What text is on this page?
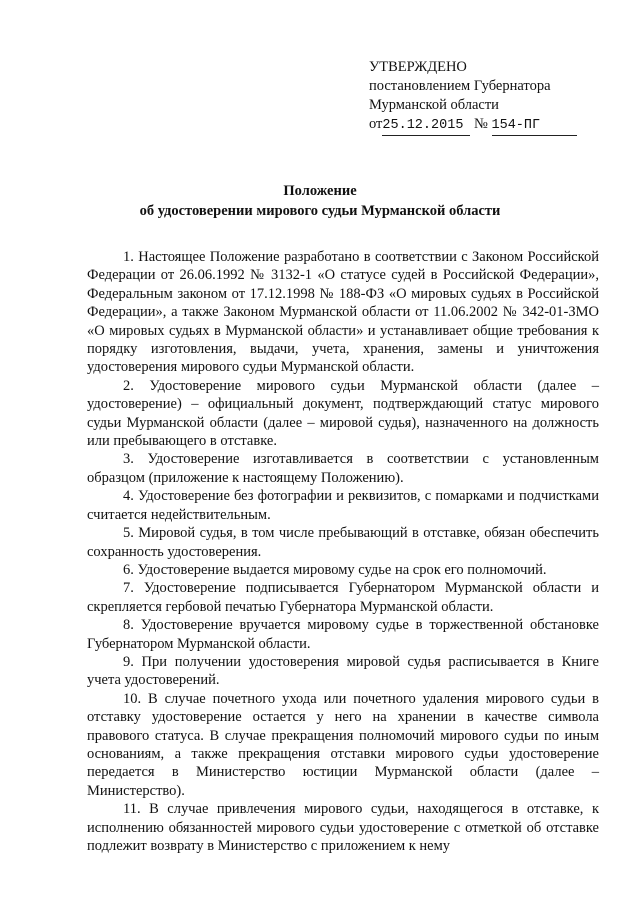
УТВЕРЖДЕНО
постановлением Губернатора
Мурманской области
от25.12.2015 № 154-ПГ
Положение
об удостоверении мирового судьи Мурманской области

1. Настоящее Положение разработано в соответствии с Законом Российской Федерации от 26.06.1992 № 3132-1 «О статусе судей в Российской Федерации», Федеральным законом от 17.12.1998 № 188-ФЗ «О мировых судьях в Российской Федерации», а также Законом Мурманской области от 11.06.2002 № 342-01-ЗМО «О мировых судьях в Мурманской области» и устанавливает общие требования к порядку изготовления, выдачи, учета, хранения, замены и уничтожения удостоверения мирового судьи Мурманской области.

2. Удостоверение мирового судьи Мурманской области (далее – удостоверение) – официальный документ, подтверждающий статус мирового судьи Мурманской области (далее – мировой судья), назначенного на должность или пребывающего в отставке.

3. Удостоверение изготавливается в соответствии с установленным образцом (приложение к настоящему Положению).

4. Удостоверение без фотографии и реквизитов, с помарками и подчистками считается недействительным.

5. Мировой судья, в том числе пребывающий в отставке, обязан обеспечить сохранность удостоверения.

6. Удостоверение выдается мировому судье на срок его полномочий.

7. Удостоверение подписывается Губернатором Мурманской области и скрепляется гербовой печатью Губернатора Мурманской области.

8. Удостоверение вручается мировому судье в торжественной обстановке Губернатором Мурманской области.

9. При получении удостоверения мировой судья расписывается в Книге учета удостоверений.

10. В случае почетного ухода или почетного удаления мирового судьи в отставку удостоверение остается у него на хранении в качестве символа правового статуса. В случае прекращения полномочий мирового судьи по иным основаниям, а также прекращения отставки мирового судьи удостоверение передается в Министерство юстиции Мурманской области (далее – Министерство).

11. В случае привлечения мирового судьи, находящегося в отставке, к исполнению обязанностей мирового судьи удостоверение с отметкой об отставке подлежит возврату в Министерство с приложением к нему
